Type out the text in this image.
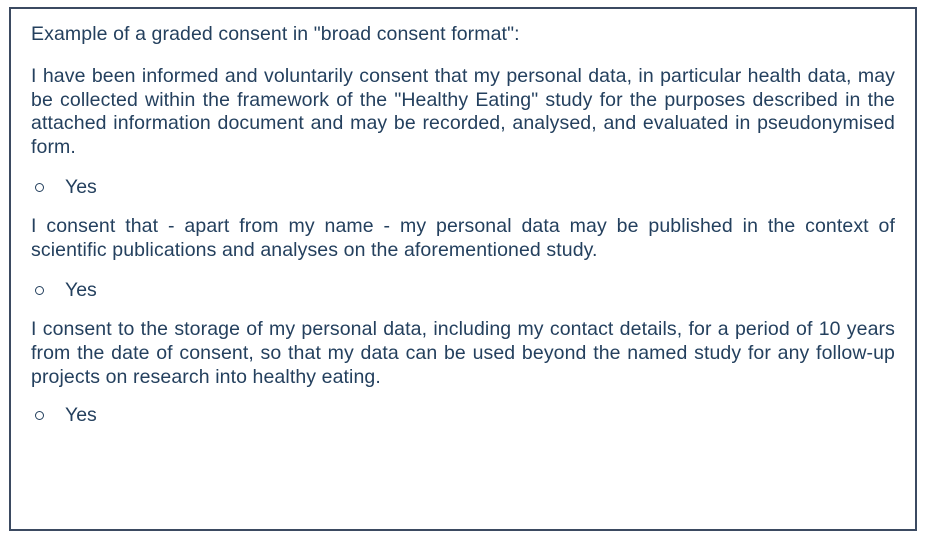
Example of a graded consent in "broad consent format":

I have been informed and voluntarily consent that my personal data, in particular health data, may be collected within the framework of the "Healthy Eating" study for the purposes described in the attached information document and may be recorded, analysed, and evaluated in pseudonymised form.

Yes

I consent that - apart from my name - my personal data may be published in the context of scientific publications and analyses on the aforementioned study.

Yes

I consent to the storage of my personal data, including my contact details, for a period of 10 years from the date of consent, so that my data can be used beyond the named study for any follow-up projects on research into healthy eating.

Yes
